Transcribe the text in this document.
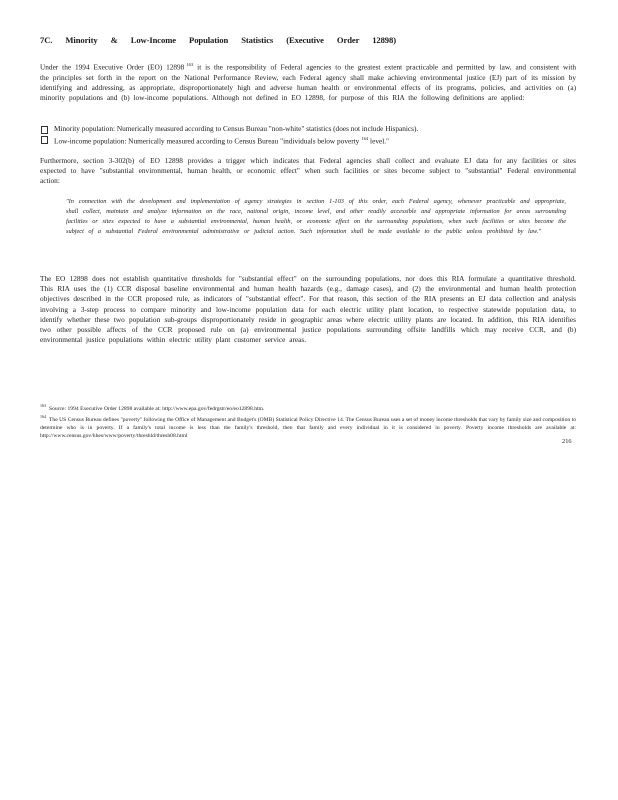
7C. Minority & Low-Income Population Statistics (Executive Order 12898)
Under the 1994 Executive Order (EO) 12898 $^{163}$ it is the responsibility of Federal agencies to the greatest extent practicable and permitted by law, and consistent with the principles set forth in the report on the National Performance Review, each Federal agency shall make achieving environmental justice (EJ) part of its mission by identifying and addressing, as appropriate, disproportionately high and adverse human health or environmental effects of its programs, policies, and activities on (a) minority populations and (b) low-income populations. Although not defined in EO 12898, for purpose of this RIA the following definitions are applied:
Minority population: Numerically measured according to Census Bureau "non-white" statistics (does not include Hispanics).
Low-income population: Numerically measured according to Census Bureau "individuals below poverty $^{164}$ level."
Furthermore, section 3-302(b) of EO 12898 provides a trigger which indicates that Federal agencies shall collect and evaluate EJ data for any facilities or sites expected to have "substantial environmental, human health, or economic effect" when such facilities or sites become subject to "substantial" Federal environmental action:
"In connection with the development and implementation of agency strategies in section 1-103 of this order, each Federal agency, whenever practicable and appropriate, shall collect, maintain and analyze information on the race, national origin, income level, and other readily accessible and appropriate information for areas surrounding facilities or sites expected to have a substantial environmental, human health, or economic effect on the surrounding populations, when such facilities or sites become the subject of a substantial Federal environmental administrative or judicial action. Such information shall be made available to the public unless prohibited by law."
The EO 12898 does not establish quantitative thresholds for "substantial effect" on the surrounding populations, nor does this RIA formulate a quantitative threshold. This RIA uses the (1) CCR disposal baseline environmental and human health hazards (e.g., damage cases), and (2) the environmental and human health protection objectives described in the CCR proposed rule, as indicators of "substantial effect". For that reason, this section of the RIA presents an EJ data collection and analysis involving a 3-step process to compare minority and low-income population data for each electric utility plant location, to respective statewide population data, to identify whether these two population sub-groups disproportionately reside in geographic areas where electric utility plants are located. In addition, this RIA identifies two other possible affects of the CCR proposed rule on (a) environmental justice populations surrounding offsite landfills which may receive CCR, and (b) environmental justice populations within electric utility plant customer service areas.
$^{163}$Source: 1994 Executive Order 12898 available at: http://www.epa.gov/fedrgstr/eo/eo12898.htm.
$^{164}$The US Census Bureau defines "poverty" following the Office of Management and Budget's (OMB) Statistical Policy Directive 14. The Census Bureau uses a set of money income thresholds that vary by family size and composition to determine who is in poverty. If a family's total income is less than the family's threshold, then that family and every individual in it is considered in poverty. Poverty income thresholds are available at: http://www.census.gov/hhes/www/poverty/threshld/thresh08.html
216
